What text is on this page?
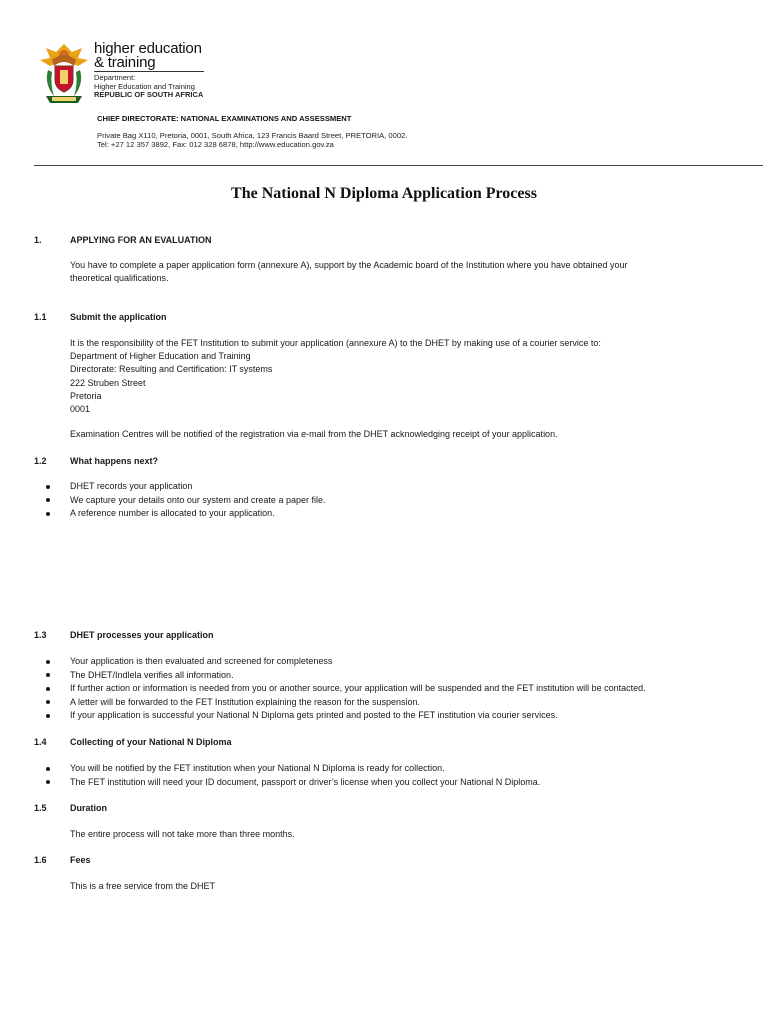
higher education
& training
Department:
Higher Education and Training
REPUBLIC OF SOUTH AFRICA
CHIEF DIRECTORATE: NATIONAL EXAMINATIONS AND ASSESSMENT
Private Bag X110, Pretoria, 0001, South Africa, 123 Francis Baard Street, PRETORIA, 0002.
Tel: +27 12 357 3892, Fax: 012 328 6878, http://www.education.gov.za
The National N Diploma Application Process
1.	APPLYING FOR AN EVALUATION

You have to complete a paper application form (annexure A), support by the Academic board of the Institution where you have obtained your

theoretical qualifications.

1.1	Submit the application

It is the responsibility of the FET Institution to submit your application (annexure A) to the DHET by making use of a courier service to:

Department of Higher Education and Training

Directorate: Resulting and Certification: IT systems

222 Struben Street

Pretoria

0001

Examination Centres will be notified of the registration via e-mail from the DHET acknowledging receipt of your application.
1.2	What happens next?
DHET records your application
We capture your details onto our system and create a paper file.
A reference number is allocated to your application.
1.3	DHET processes your application
Your application is then evaluated and screened for completeness
The DHET/Indlela verifies all information.
If further action or information is needed from you or another source, your application will be suspended and the FET institution will be contacted.
A letter will be forwarded to the FET Institution explaining the reason for the suspension.
If your application is successful your National N Diploma gets printed and posted to the FET institution via courier services.
1.4	Collecting of your National N Diploma
You will be notified by the FET institution when your National N Diploma is ready for collection.
The FET institution will need your ID document, passport or driver’s license when you collect your National N Diploma.
1.5	Duration
The entire process will not take more than three months.
1.6	Fees
This is a free service from the DHET
